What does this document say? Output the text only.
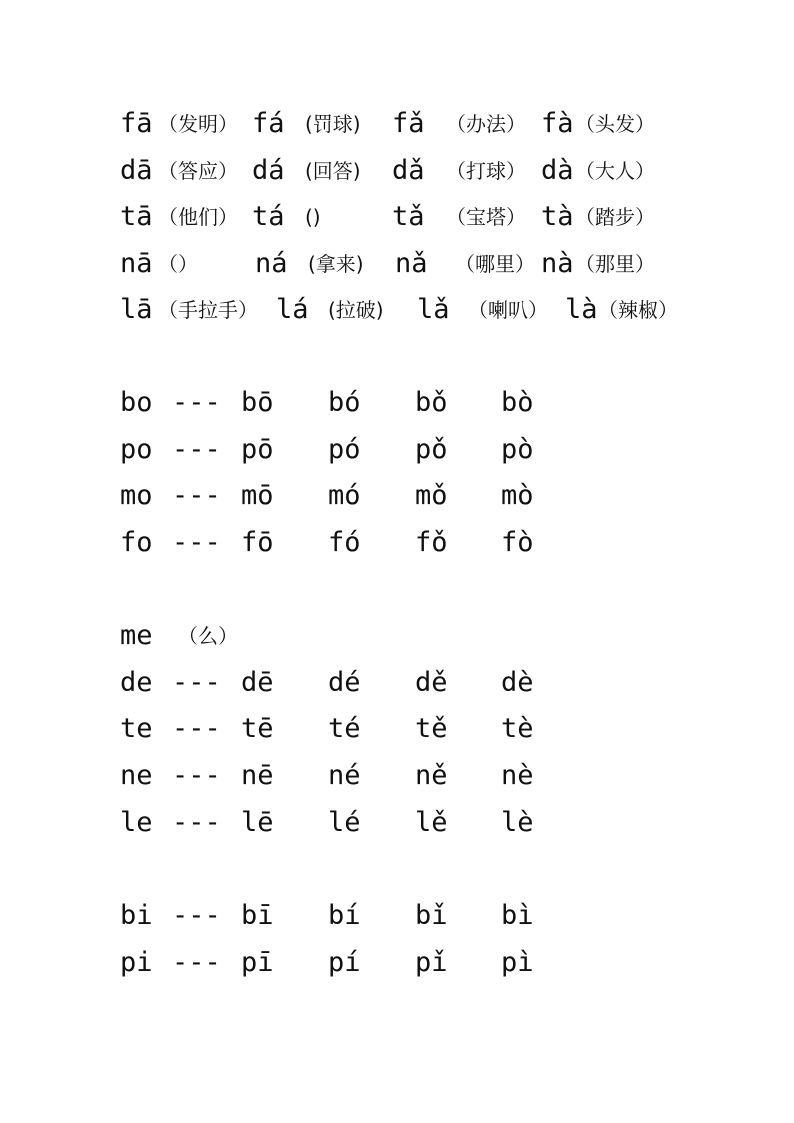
fā （发明） fá (罚球) fǎ （办法） fà （头发）
dā （答应） dá (回答) dǎ （打球） dà （大人）
tā （他们） tá ()	tǎ （宝塔） tà （踏步）
nā （） ná (拿来) nǎ （哪里） nà （那里）
lā （手拉手） lá (拉破) lǎ （喇叭） là （辣椒）
bo --- bō bó bǒ bò
po --- pō pó pǒ pò
mo --- mō mó mǒ mò
fo --- fō fó fǒ fò
me （么）
de --- dē dé dě dè
te --- tē té tě tè
ne --- nē né ně nè
le --- lē lé lě lè
bi --- bī bí bǐ bì
pi --- pī pí pǐ pì
